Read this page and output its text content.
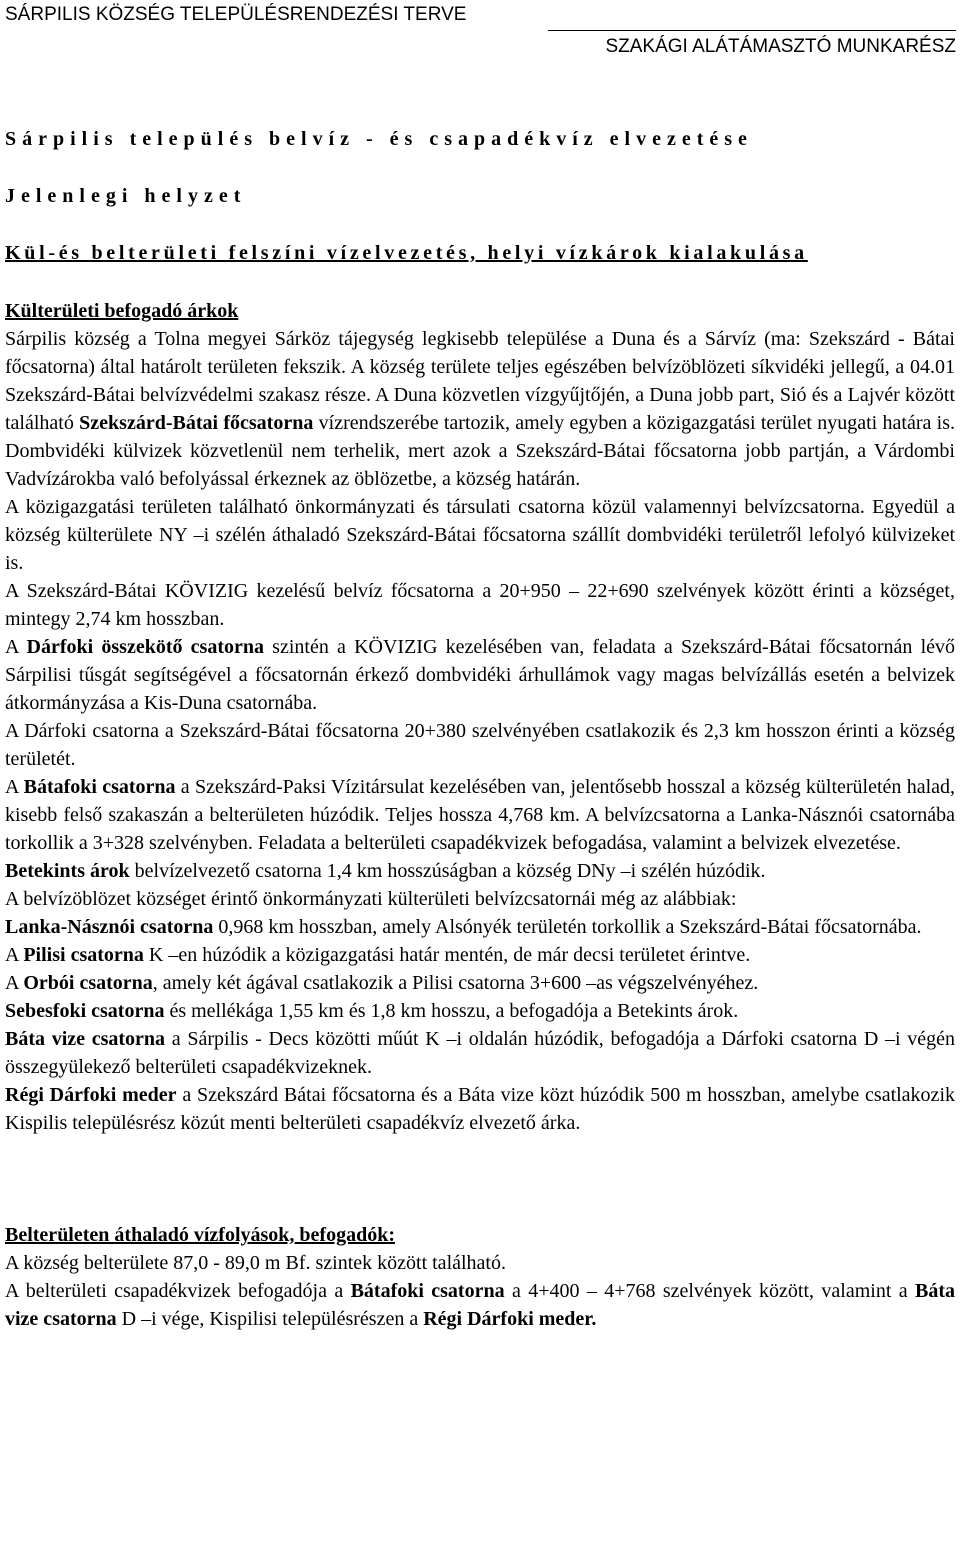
SÁRPILIS KÖZSÉG TELEPÜLÉSRENDEZÉSI TERVE
SZAKÁGI ALÁTÁMASZTÓ MUNKARÉSZ
Sárpilis település belvíz - és csapadékvíz elvezetése
Jelenlegi helyzet
Kül-és belterületi felszíni vízelvezetés, helyi vízkárok kialakulása

Külterületi befogadó árkok

Sárpilis község a Tolna megyei Sárköz tájegység legkisebb települése a Duna és a Sárvíz (ma: Szekszárd - Bátai főcsatorna) által határolt területen fekszik. A község területe teljes egészében belvízöblözeti síkvidéki jellegű, a 04.01 Szekszárd-Bátai belvízvédelmi szakasz része. A Duna közvetlen vízgyűjtőjén, a Duna jobb part, Sió és a Lajvér között található Szekszárd-Bátai főcsatorna vízrendszerébe tartozik, amely egyben a közigazgatási terület nyugati határa is. Dombvidéki külvizek közvetlenül nem terhelik, mert azok a Szekszárd-Bátai főcsatorna jobb partján, a Várdombi Vadvízárokba való befolyással érkeznek az öblözetbe, a község határán.

A közigazgatási területen található önkormányzati és társulati csatorna közül valamennyi belvízcsatorna. Egyedül a község külterülete NY –i szélén áthaladó Szekszárd-Bátai főcsatorna szállít dombvidéki területről lefolyó külvizeket is.

A Szekszárd-Bátai KÖVIZIG kezelésű belvíz főcsatorna a 20+950 – 22+690 szelvények között érinti a községet, mintegy 2,74 km hosszban.

A Dárfoki összekötő csatorna szintén a KÖVIZIG kezelésében van, feladata a Szekszárd-Bátai főcsatornán lévő Sárpilisi tűsgát segítségével a főcsatornán érkező dombvidéki árhullámok vagy magas belvízállás esetén a belvizek átkormányzása a Kis-Duna csatornába.

A Dárfoki csatorna a Szekszárd-Bátai főcsatorna 20+380 szelvényében csatlakozik és 2,3 km hosszon érinti a község területét.

A Bátafoki csatorna a Szekszárd-Paksi Vízitársulat kezelésében van, jelentősebb hosszal a község külterületén halad, kisebb felső szakaszán a belterületen húzódik. Teljes hossza 4,768 km. A belvízcsatorna a Lanka-Násznói csatornába torkollik a 3+328 szelvényben. Feladata a belterületi csapadékvizek befogadása, valamint a belvizek elvezetése.

Betekints árok belvízelvezető csatorna 1,4 km hosszúságban a község DNy –i szélén húzódik.

A belvízöblözet községet érintő önkormányzati külterületi belvízcsatornái még az alábbiak:

Lanka-Násznói csatorna 0,968 km hosszban, amely Alsónyék területén torkollik a Szekszárd-Bátai főcsatornába.

A Pilisi csatorna K –en húzódik a közigazgatási határ mentén, de már decsi területet érintve.

A Orbói csatorna, amely két ágával csatlakozik a Pilisi csatorna 3+600 –as végszelvényéhez.

Sebesfoki csatorna és mellékága 1,55 km és 1,8 km hosszu, a befogadója a Betekints árok.

Báta vize csatorna a Sárpilis - Decs közötti műút K –i oldalán húzódik, befogadója a Dárfoki csatorna D –i végén összegyülekező belterületi csapadékvizeknek.

Régi Dárfoki meder a Szekszárd Bátai főcsatorna és a Báta vize közt húzódik 500 m hosszban, amelybe csatlakozik Kispilis településrész közút menti belterületi csapadékvíz elvezető árka.

Belterületen áthaladó vízfolyások, befogadók:

A község belterülete 87,0 - 89,0 m Bf. szintek között található.

A belterületi csapadékvizek befogadója a Bátafoki csatorna a 4+400 – 4+768 szelvények között, valamint a Báta vize csatorna D –i vége, Kispilisi településrészen a Régi Dárfoki meder.
